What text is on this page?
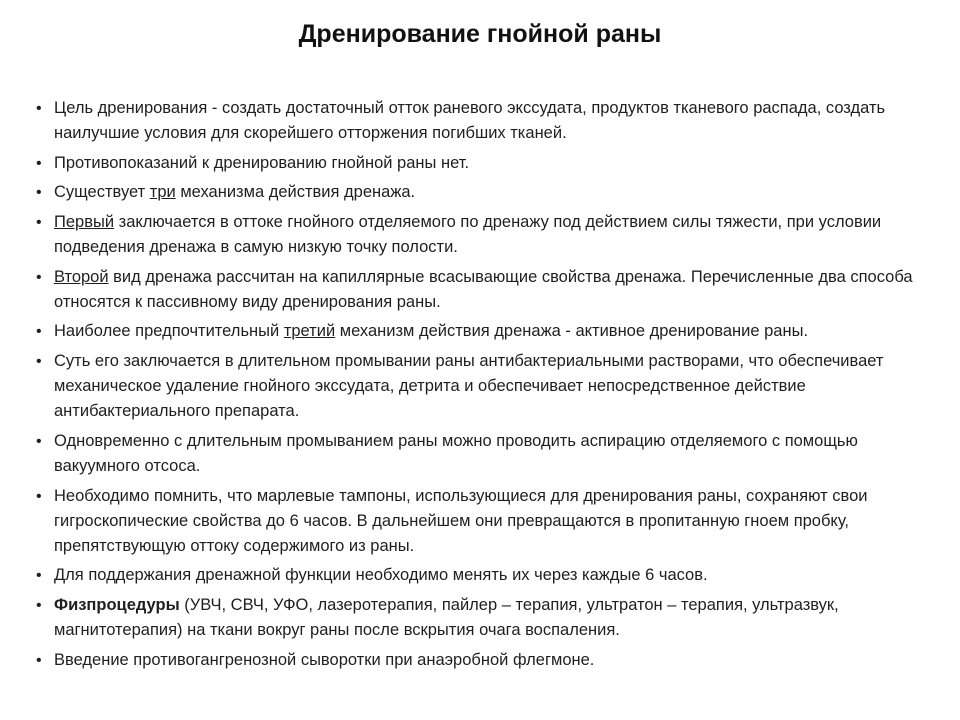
Дренирование гнойной раны
• Цель дренирования - создать достаточный отток раневого экссудата, продуктов тканевого распада, создать наилучшие условия для скорейшего отторжения погибших тканей.
• Противопоказаний к дренированию гнойной раны нет.
• Существует три механизма действия дренажа.
• Первый заключается в оттоке гнойного отделяемого по дренажу под действием силы тяжести, при условии подведения дренажа в самую низкую точку полости.
• Второй вид дренажа рассчитан на капиллярные всасывающие свойства дренажа. Перечисленные два способа относятся к пассивному виду дренирования раны.
• Наиболее предпочтительный третий механизм действия дренажа - активное дренирование раны.
• Суть его заключается в длительном промывании раны антибактериальными растворами, что обеспечивает механическое удаление гнойного экссудата, детрита и обеспечивает непосредственное действие антибактериального препарата.
• Одновременно с длительным промыванием раны можно проводить аспирацию отделяемого с помощью вакуумного отсоса.
• Необходимо помнить, что марлевые тампоны, использующиеся для дренирования раны, сохраняют свои гигроскопические свойства до 6 часов. В дальнейшем они превращаются в пропитанную гноем пробку, препятствующую оттоку содержимого из раны.
• Для поддержания дренажной функции необходимо менять их через каждые 6 часов.
• Физпроцедуры (УВЧ, СВЧ, УФО, лазеротерапия, пайлер – терапия, ультратон – терапия, ультразвук, магнитотерапия) на ткани вокруг раны после вскрытия очага воспаления.
• Введение противогангренозной сыворотки при анаэробной флегмоне.
